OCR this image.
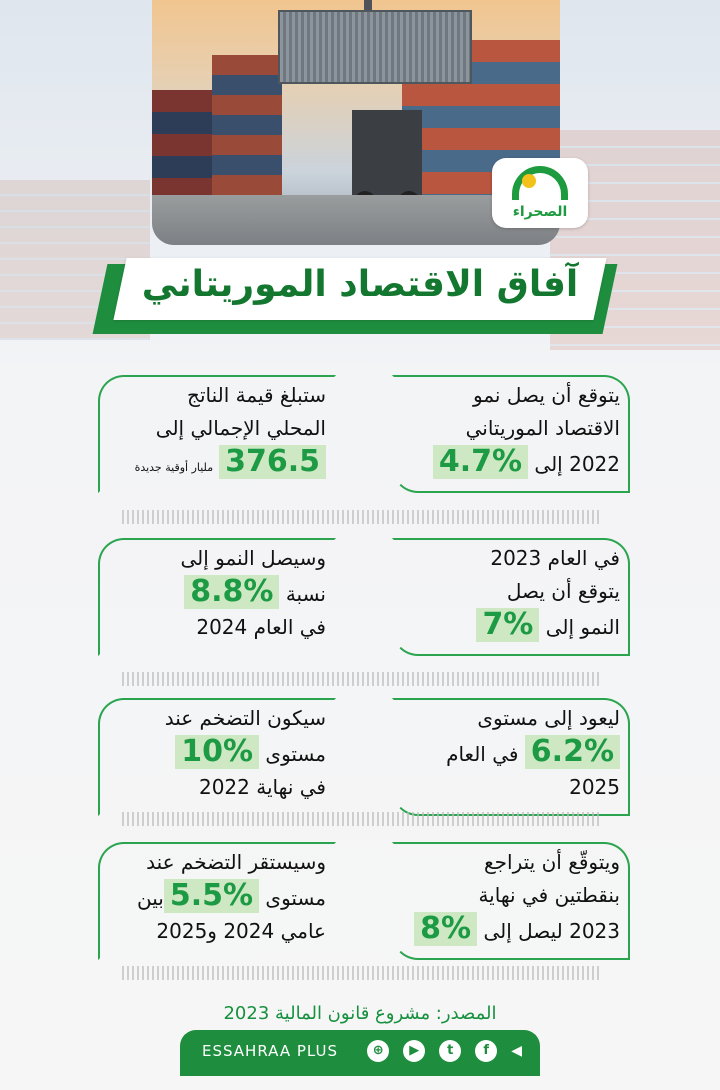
الصحراء
آفاق الاقتصاد الموريتاني
يتوقع أن يصل نمو
الاقتصاد الموريتاني
2022 إلى 4.7%
ستبلغ قيمة الناتج
المحلي الإجمالي إلى
376.5مليار أوقية جديدة
في العام 2023
يتوقع أن يصل
النمو إلى 7%
وسيصل النمو إلى
نسبة 8.8%
في العام 2024
ليعود إلى مستوى
6.2% في العام
2025
سيكون التضخم عند
مستوى 10%
في نهاية 2022
ويتوقّع أن يتراجع
بنقطتين في نهاية
2023 ليصل إلى 8%
وسيستقر التضخم عند
مستوى 5.5%بين
عامي 2024 و2025
المصدر: مشروع قانون المالية 2023
ESSAHRAA PLUS	⊕	▶	t	f	◀
